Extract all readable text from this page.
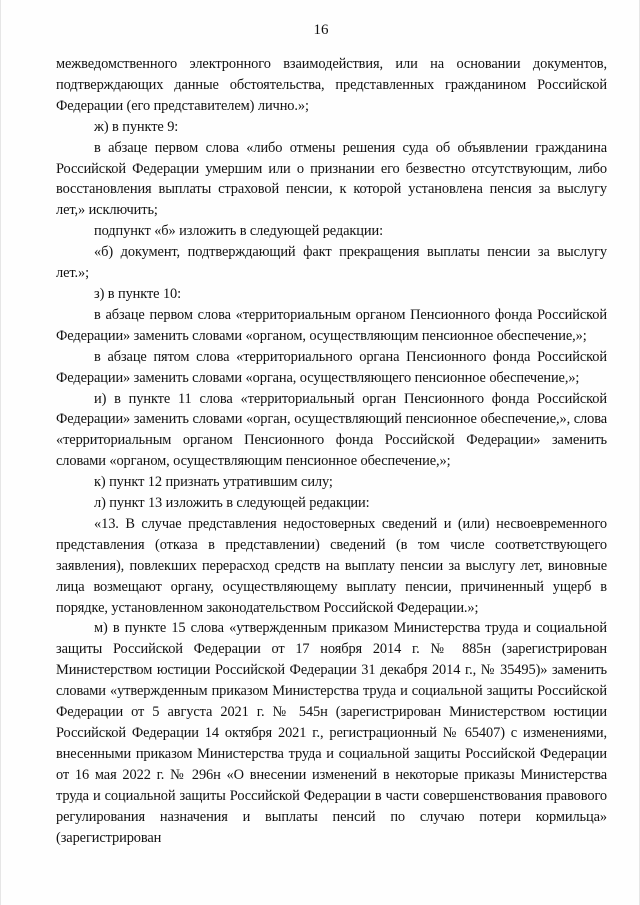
16

межведомственного электронного взаимодействия, или на основании документов, подтверждающих данные обстоятельства, представленных гражданином Российской Федерации (его представителем) лично.»;

ж) в пункте 9:

в абзаце первом слова «либо отмены решения суда об объявлении гражданина Российской Федерации умершим или о признании его безвестно отсутствующим, либо восстановления выплаты страховой пенсии, к которой установлена пенсия за выслугу лет,» исключить;

подпункт «б» изложить в следующей редакции:

«б) документ, подтверждающий факт прекращения выплаты пенсии за выслугу лет.»;

з) в пункте 10:

в абзаце первом слова «территориальным органом Пенсионного фонда Российской Федерации» заменить словами «органом, осуществляющим пенсионное обеспечение,»;

в абзаце пятом слова «территориального органа Пенсионного фонда Российской Федерации» заменить словами «органа, осуществляющего пенсионное обеспечение,»;

и) в пункте 11 слова «территориальный орган Пенсионного фонда Российской Федерации» заменить словами «орган, осуществляющий пенсионное обеспечение,», слова «территориальным органом Пенсионного фонда Российской Федерации» заменить словами «органом, осуществляющим пенсионное обеспечение,»;

к) пункт 12 признать утратившим силу;

л) пункт 13 изложить в следующей редакции:

«13. В случае представления недостоверных сведений и (или) несвоевременного представления (отказа в представлении) сведений (в том числе соответствующего заявления), повлекших перерасход средств на выплату пенсии за выслугу лет, виновные лица возмещают органу, осуществляющему выплату пенсии, причиненный ущерб в порядке, установленном законодательством Российской Федерации.»;

м) в пункте 15 слова «утвержденным приказом Министерства труда и социальной защиты Российской Федерации от 17 ноября 2014 г. № 885н (зарегистрирован Министерством юстиции Российской Федерации 31 декабря 2014 г., № 35495)» заменить словами «утвержденным приказом Министерства труда и социальной защиты Российской Федерации от 5 августа 2021 г. № 545н (зарегистрирован Министерством юстиции Российской Федерации 14 октября 2021 г., регистрационный № 65407) с изменениями, внесенными приказом Министерства труда и социальной защиты Российской Федерации от 16 мая 2022 г. № 296н «О внесении изменений в некоторые приказы Министерства труда и социальной защиты Российской Федерации в части совершенствования правового регулирования назначения и выплаты пенсий по случаю потери кормильца» (зарегистрирован
